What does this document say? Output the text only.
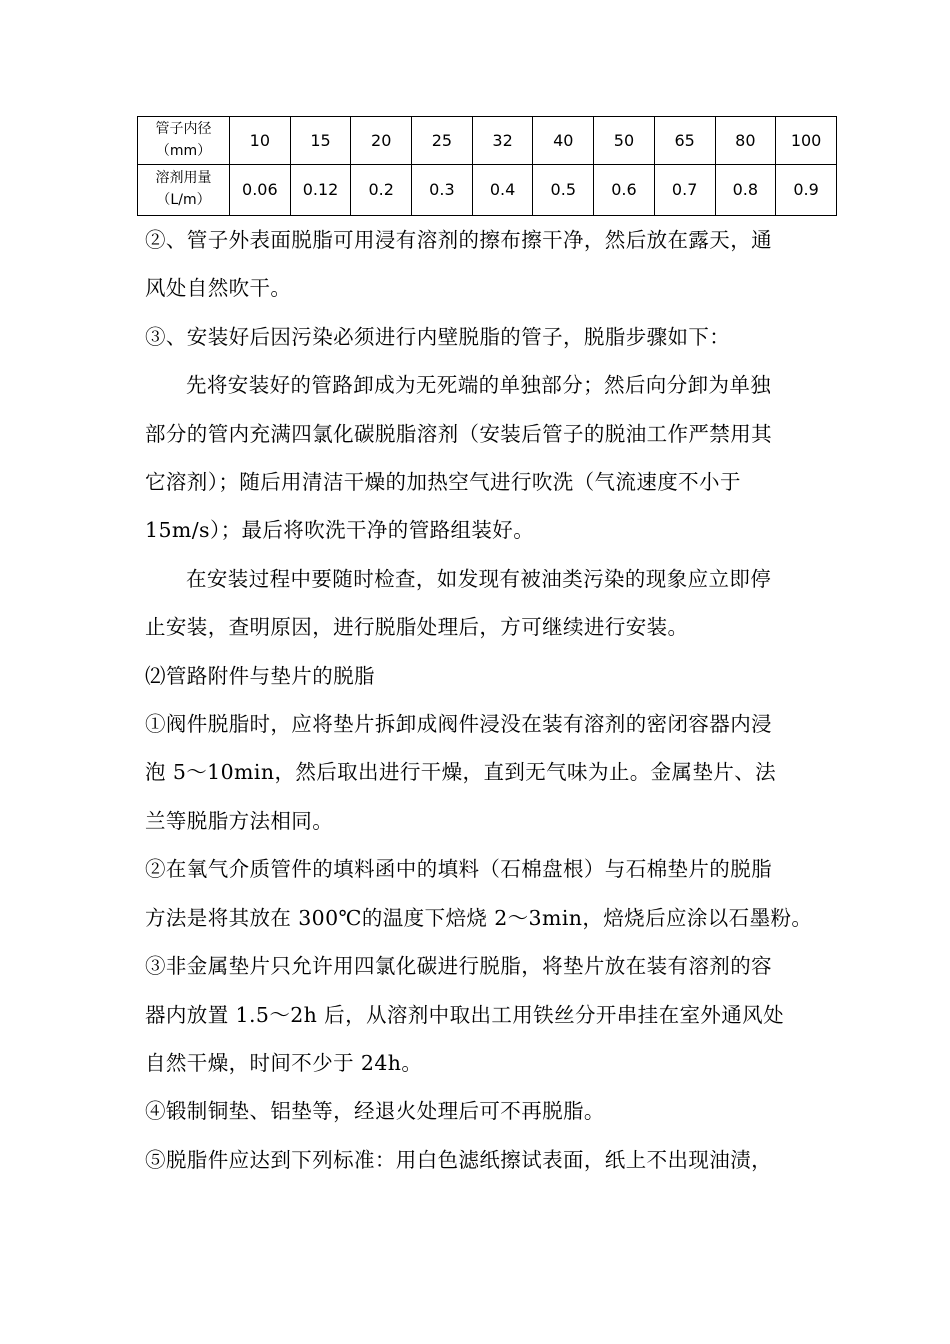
管子内径
（mm）	10	15	20	25	32	40	50	65	80	100

溶剂用量
（L/m）	0.06	0.12	0.2	0.3	0.4	0.5	0.6	0.7	0.8	0.9

②、管子外表面脱脂可用浸有溶剂的擦布擦干净，然后放在露天，通

风处自然吹干。

③、安装好后因污染必须进行内壁脱脂的管子，脱脂步骤如下：

先将安装好的管路卸成为无死端的单独部分；然后向分卸为单独

部分的管内充满四氯化碳脱脂溶剂（安装后管子的脱油工作严禁用其

它溶剂）；随后用清洁干燥的加热空气进行吹洗（气流速度不小于

15m/s）；最后将吹洗干净的管路组装好。

在安装过程中要随时检查，如发现有被油类污染的现象应立即停

止安装，查明原因，进行脱脂处理后，方可继续进行安装。

⑵管路附件与垫片的脱脂

①阀件脱脂时，应将垫片拆卸成阀件浸没在装有溶剂的密闭容器内浸

泡 5～10min，然后取出进行干燥，直到无气味为止。金属垫片、法

兰等脱脂方法相同。

②在氧气介质管件的填料函中的填料（石棉盘根）与石棉垫片的脱脂

方法是将其放在 300℃的温度下焙烧 2～3min，焙烧后应涂以石墨粉。

③非金属垫片只允许用四氯化碳进行脱脂，将垫片放在装有溶剂的容

器内放置 1.5～2h 后，从溶剂中取出工用铁丝分开串挂在室外通风处

自然干燥，时间不少于 24h。

④锻制铜垫、铝垫等，经退火处理后可不再脱脂。

⑤脱脂件应达到下列标准：用白色滤纸擦试表面，纸上不出现油渍，
